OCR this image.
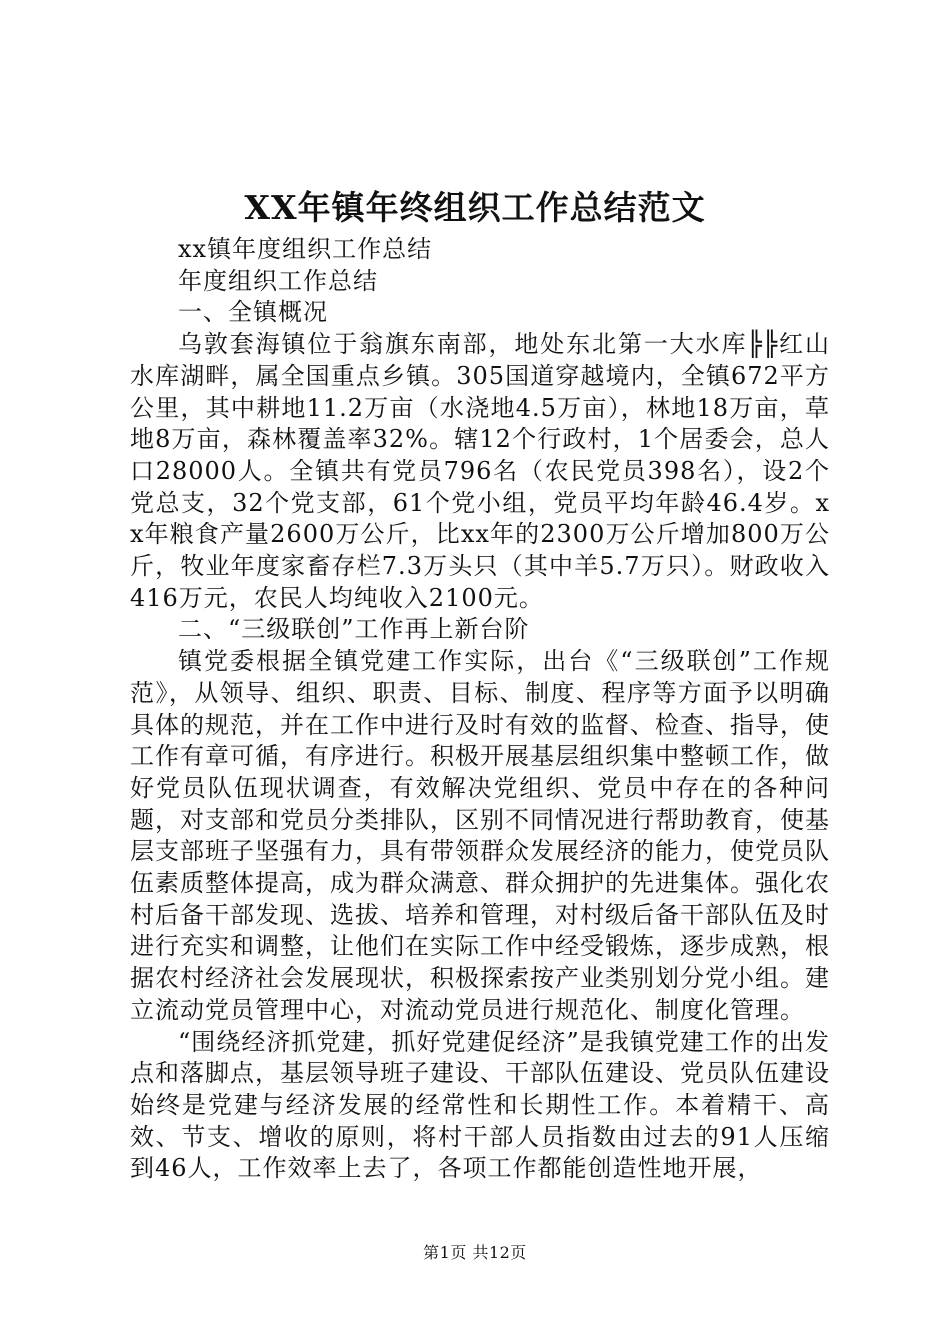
XX年镇年终组织工作总结范文

xx镇年度组织工作总结

年度组织工作总结

一、全镇概况

乌敦套海镇位于翁旗东南部，地处东北第一大水库╠╠红山水库湖畔，属全国重点乡镇。305国道穿越境内，全镇672平方公里，其中耕地11.2万亩（水浇地4.5万亩），林地18万亩，草地8万亩，森林覆盖率32%。辖12个行政村，1个居委会，总人口28000人。全镇共有党员796名（农民党员398名），设2个党总支，32个党支部，61个党小组，党员平均年龄46.4岁。xx年粮食产量2600万公斤，比xx年的2300万公斤增加800万公斤，牧业年度家畜存栏7.3万头只（其中羊5.7万只）。财政收入416万元，农民人均纯收入2100元。

二、“三级联创”工作再上新台阶

镇党委根据全镇党建工作实际，出台《“三级联创”工作规范》，从领导、组织、职责、目标、制度、程序等方面予以明确具体的规范，并在工作中进行及时有效的监督、检查、指导，使工作有章可循，有序进行。积极开展基层组织集中整顿工作，做好党员队伍现状调查，有效解决党组织、党员中存在的各种问题，对支部和党员分类排队，区别不同情况进行帮助教育，使基层支部班子坚强有力，具有带领群众发展经济的能力，使党员队伍素质整体提高，成为群众满意、群众拥护的先进集体。强化农村后备干部发现、选拔、培养和管理，对村级后备干部队伍及时进行充实和调整，让他们在实际工作中经受锻炼，逐步成熟，根据农村经济社会发展现状，积极探索按产业类别划分党小组。建立流动党员管理中心，对流动党员进行规范化、制度化管理。

“围绕经济抓党建，抓好党建促经济”是我镇党建工作的出发点和落脚点，基层领导班子建设、干部队伍建设、党员队伍建设始终是党建与经济发展的经常性和长期性工作。本着精干、高效、节支、增收的原则，将村干部人员指数由过去的91人压缩到46人，工作效率上去了，各项工作都能创造性地开展，

第1页 共12页
